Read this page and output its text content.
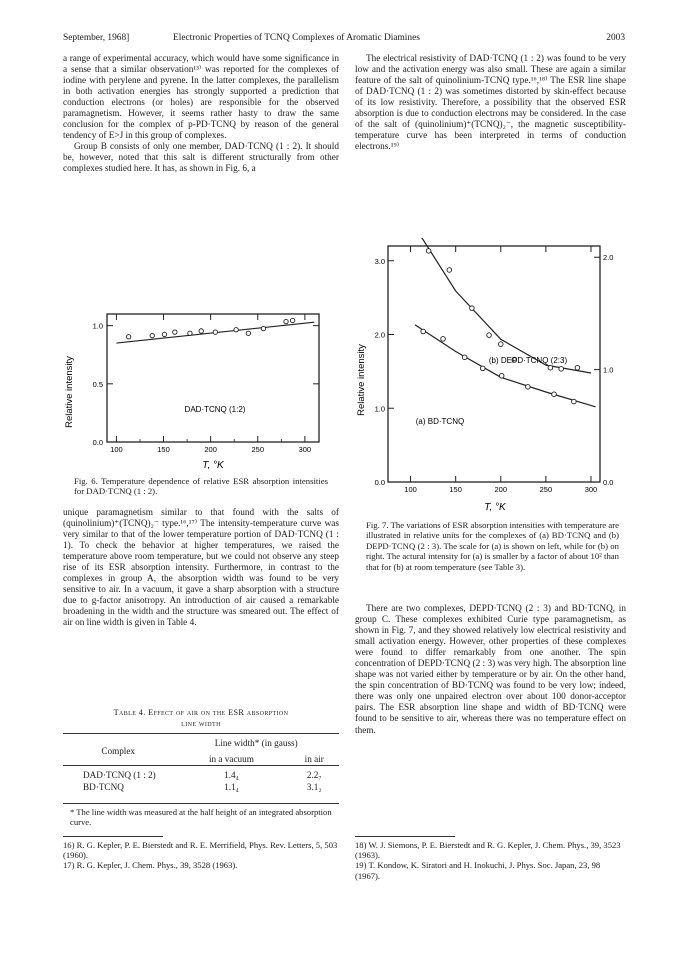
September, 1968]	Electronic Properties of TCNQ Complexes of Aromatic Diamines	2003

a range of experimental accuracy, which would have some significance in a sense that a similar observation¹³⁾ was reported for the complexes of iodine with perylene and pyrene. In the latter complexes, the parallelism in both activation energies has strongly supported a prediction that conduction electrons (or holes) are responsible for the observed paramagnetism. However, it seems rather hasty to draw the same conclusion for the complex of p-PD·TCNQ by reason of the general tendency of E>J in this group of complexes.

Group B consists of only one member, DAD·TCNQ (1 : 2). It should be, however, noted that this salt is different structurally from other complexes studied here. It has, as shown in Fig. 6, a

Relative intensity
100	150	200	250	300
0.0
0.5
1.0
DAD·TCNQ (1:2)
T, °K

Fig. 6. Temperature dependence of relative ESR absorption intensities for DAD·TCNQ (1 : 2).

unique paramagnetism similar to that found with the salts of (quinolinium)⁺(TCNQ)₂⁻ type.¹⁶,¹⁷⁾ The intensity-temperature curve was very similar to that of the lower temperature portion of DAD·TCNQ (1 : 1). To check the behavior at higher temperatures, we raised the temperature above room temperature, but we could not observe any steep rise of its ESR absorption intensity. Furthermore, in contrast to the complexes in group A, the absorption width was found to be very sensitive to air. In a vacuum, it gave a sharp absorption with a structure due to g-factor anisotropy. An introduction of air caused a remarkable broadening in the width and the structure was smeared out. The effect of air on line width is given in Table 4.

Table 4. Effect of air on the ESR absorption
line width
Complex	Line width* (in gauss)	
	in a vacuum	in air
DAD·TCNQ (1 : 2)	1.4₄	2.2₇
BD·TCNQ	1.1₄	3.1₂

* The line width was measured at the half height of an integrated absorption curve.

16) R. G. Kepler, P. E. Bierstedt and R. E. Merrifield, Phys. Rev. Letters, 5, 503 (1960).

17) R. G. Kepler, J. Chem. Phys., 39, 3528 (1963).

The electrical resistivity of DAD·TCNQ (1 : 2) was found to be very low and the activation energy was also small. These are again a similar feature of the salt of quinolinium-TCNQ type.¹⁶,¹⁸⁾ The ESR line shape of DAD·TCNQ (1 : 2) was sometimes distorted by skin-effect because of its low resistivity. Therefore, a possibility that the observed ESR absorption is due to conduction electrons may be considered. In the case of the salt of (quinolinium)⁺(TCNQ)₂⁻, the magnetic susceptibility-temperature curve has been interpreted in terms of conduction electrons.¹⁹⁾

Relative intensity
100	150	200	250	300
0.0
1.0
2.0
3.0
0.0
1.0
2.0
(b) DEPD·TCNQ (2:3)
(a) BD·TCNQ
T, °K

Fig. 7. The variations of ESR absorption intensities with temperature are illustrated in relative units for the complexes of (a) BD·TCNQ and (b) DEPD·TCNQ (2 : 3). The scale for (a) is shown on left, while for (b) on right. The actural intensity for (a) is smaller by a factor of about 10² than that for (b) at room temperature (see Table 3).

There are two complexes, DEPD·TCNQ (2 : 3) and BD·TCNQ, in group C. These complexes exhibited Curie type paramagnetism, as shown in Fig. 7, and they showed relatively low electrical resistivity and small activation energy. However, other properties of these complexes were found to differ remarkably from one another. The spin concentration of DEPD·TCNQ (2 : 3) was very high. The absorption line shape was not varied either by temperature or by air. On the other hand, the spin concentration of BD·TCNQ was found to be very low; indeed, there was only one unpaired electron over about 100 donor-acceptor pairs. The ESR absorption line shape and width of BD·TCNQ were found to be sensitive to air, whereas there was no temperature effect on them.

18) W. J. Siemons, P. E. Bierstedt and R. G. Kepler, J. Chem. Phys., 39, 3523 (1963).

19) T. Kondow, K. Siratori and H. Inokuchi, J. Phys. Soc. Japan, 23, 98 (1967).
